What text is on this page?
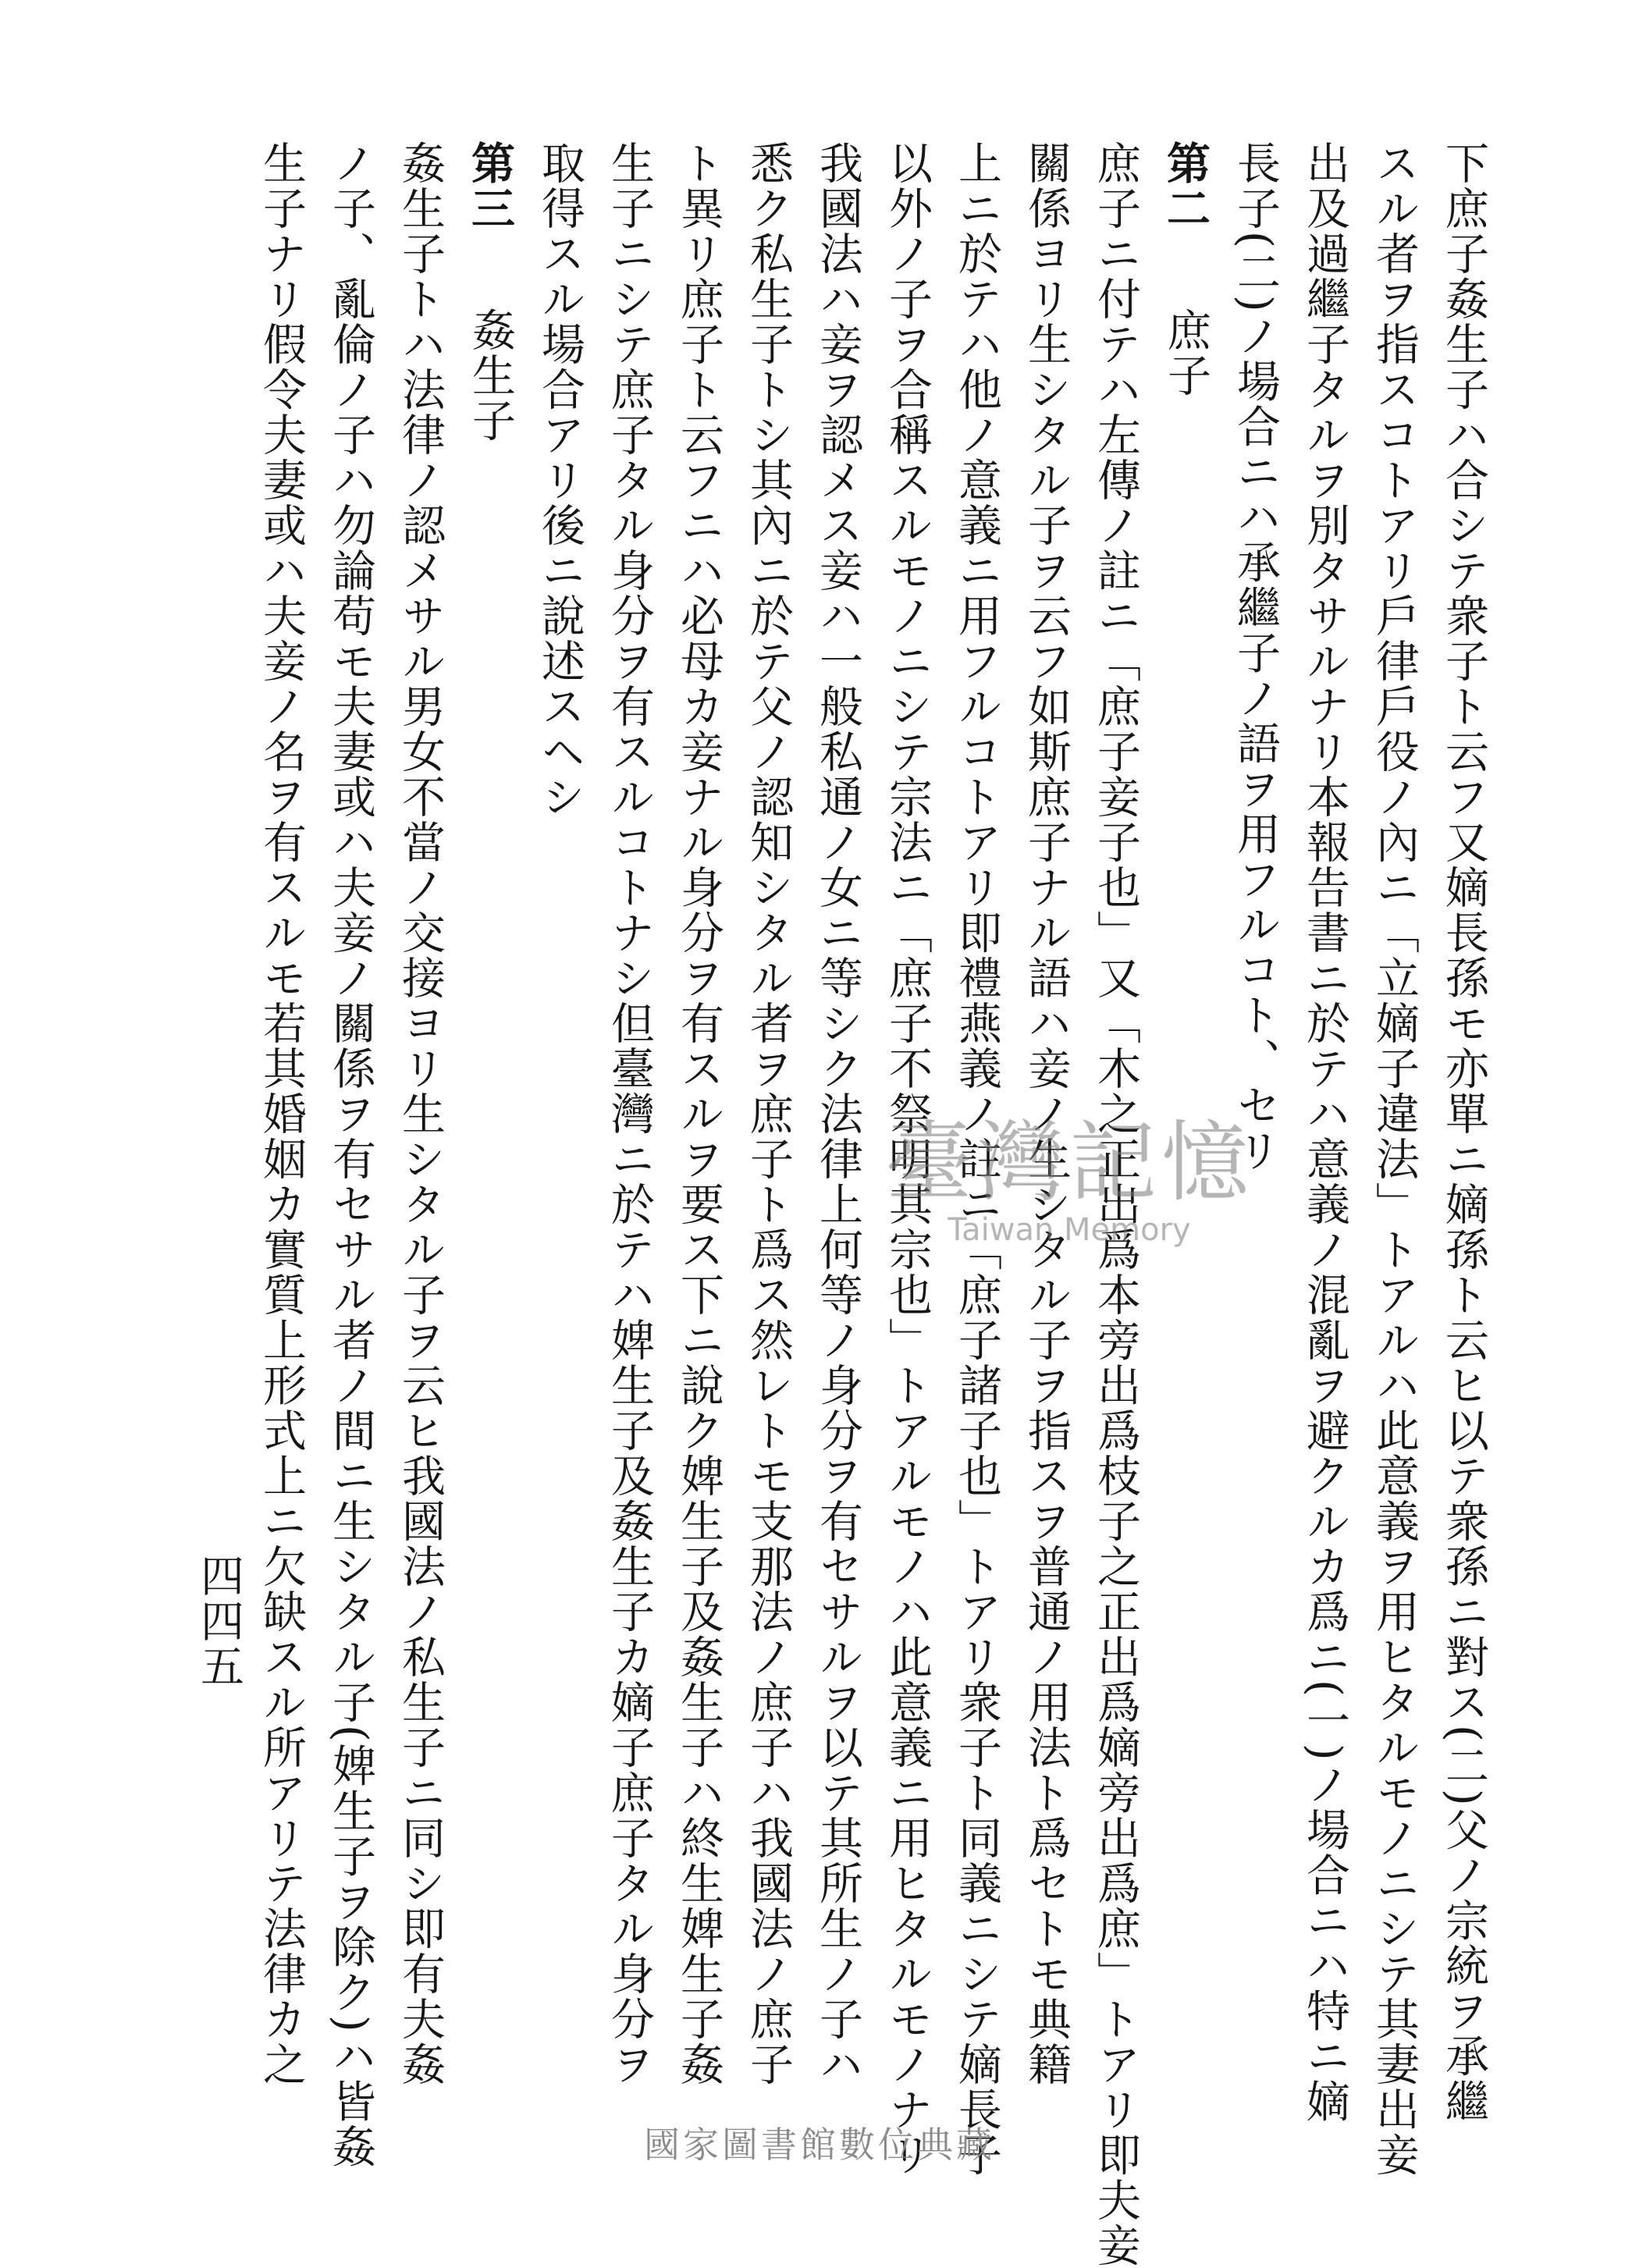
下庶子姦生子ハ合シテ衆子ト云フ又嫡長孫モ亦單ニ嫡孫ト云ヒ以テ衆孫ニ對ス(二)父ノ宗統ヲ承繼
スル者ヲ指スコトアリ戶律戶役ノ內ニ「立嫡子違法」トアルハ此意義ヲ用ヒタルモノニシテ其妻出妾
出及過繼子タルヲ別タサルナリ本報告書ニ於テハ意義ノ混亂ヲ避クルカ爲ニ(一)ノ場合ニハ特ニ嫡
長子(二)ノ場合ニハ承繼子ノ語ヲ用フルコト、セリ
第二　庶子
庶子ニ付テハ左傳ノ註ニ「庶子妾子也」又「木之正出爲本旁出爲枝子之正出爲嫡旁出爲庶」トアリ即夫妾
關係ヨリ生シタル子ヲ云フ如斯庶子ナル語ハ妾ノ生シタル子ヲ指スヲ普通ノ用法ト爲セトモ典籍
上ニ於テハ他ノ意義ニ用フルコトアリ即禮燕義ノ註ニ「庶子諸子也」トアリ衆子ト同義ニシテ嫡長子
以外ノ子ヲ合稱スルモノニシテ宗法ニ「庶子不祭明其宗也」トアルモノハ此意義ニ用ヒタルモノナリ
我國法ハ妾ヲ認メス妾ハ一般私通ノ女ニ等シク法律上何等ノ身分ヲ有セサルヲ以テ其所生ノ子ハ
悉ク私生子トシ其內ニ於テ父ノ認知シタル者ヲ庶子ト爲ス然レトモ支那法ノ庶子ハ我國法ノ庶子
ト異リ庶子ト云フニハ必母カ妾ナル身分ヲ有スルヲ要ス下ニ說ク婢生子及姦生子ハ終生婢生子姦
生子ニシテ庶子タル身分ヲ有スルコトナシ但臺灣ニ於テハ婢生子及姦生子カ嫡子庶子タル身分ヲ
取得スル場合アリ後ニ說述スヘシ
第三　姦生子
姦生子トハ法律ノ認メサル男女不當ノ交接ヨリ生シタル子ヲ云ヒ我國法ノ私生子ニ同シ即有夫姦
ノ子、亂倫ノ子ハ勿論苟モ夫妻或ハ夫妾ノ關係ヲ有セサル者ノ間ニ生シタル子(婢生子ヲ除ク)ハ皆姦
生子ナリ假令夫妻或ハ夫妾ノ名ヲ有スルモ若其婚姻カ實質上形式上ニ欠缺スル所アリテ法律カ之
四四五
臺灣記憶
Taiwan Memory
國家圖書館數位典藏
